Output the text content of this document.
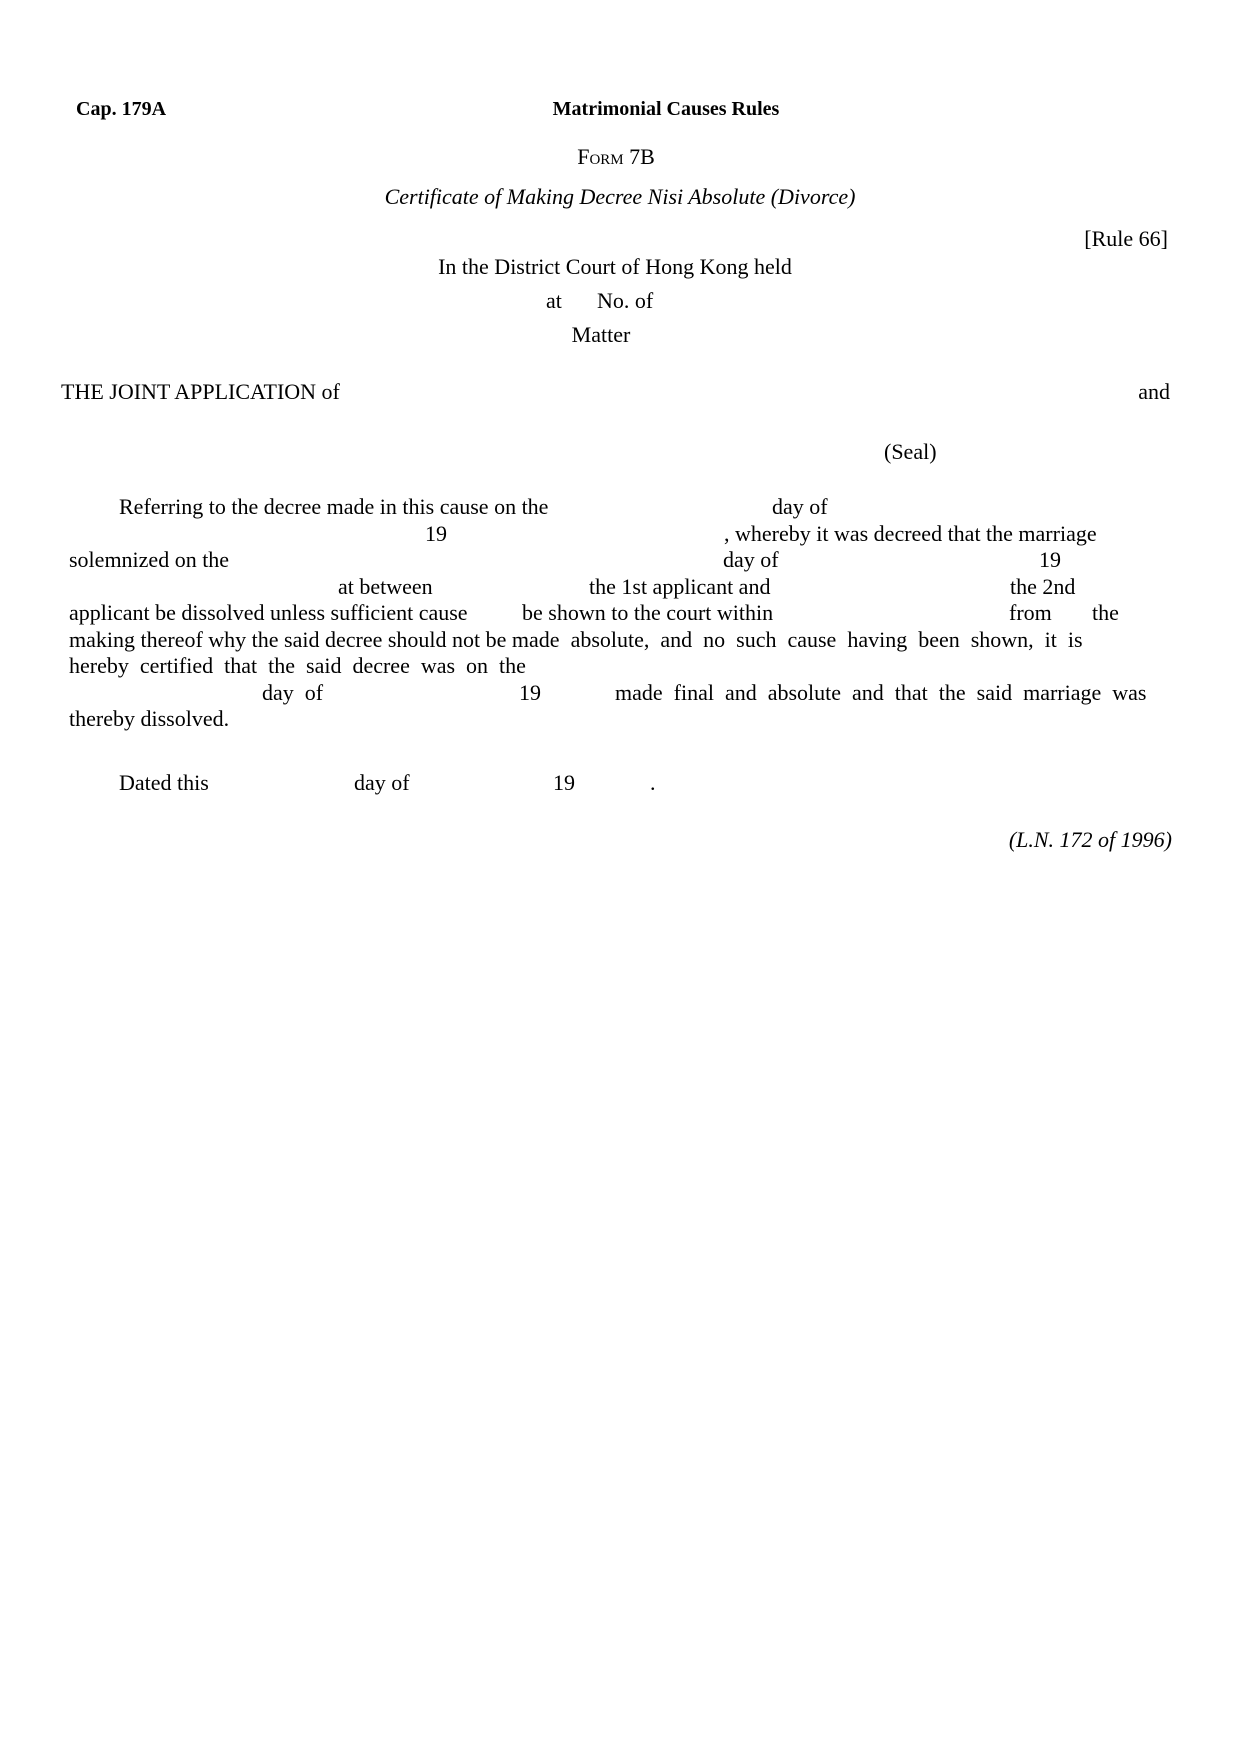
Cap. 179A	Matrimonial Causes Rules
Form 7B
Certificate of Making Decree Nisi Absolute (Divorce)
[Rule 66]
In the District Court of Hong Kong held
at No. of
Matter
THE JOINT APPLICATION of	and
(Seal)
Referring to the decree made in this cause on the	day of
19	, whereby it was decreed that the marriage
solemnized on the	day of	19
at between	the 1st applicant and	the 2nd
applicant be dissolved unless sufficient cause be shown to the court within	from the
making thereof why the said decree should not be made  absolute,  and  no  such  cause  having  been  shown,  it  is
hereby  certified  that  the  said  decree  was  on  the
day  of	19	made  final  and  absolute  and  that  the  said  marriage  was
thereby dissolved.
Dated this	day of	19	.
(L.N. 172 of 1996)
